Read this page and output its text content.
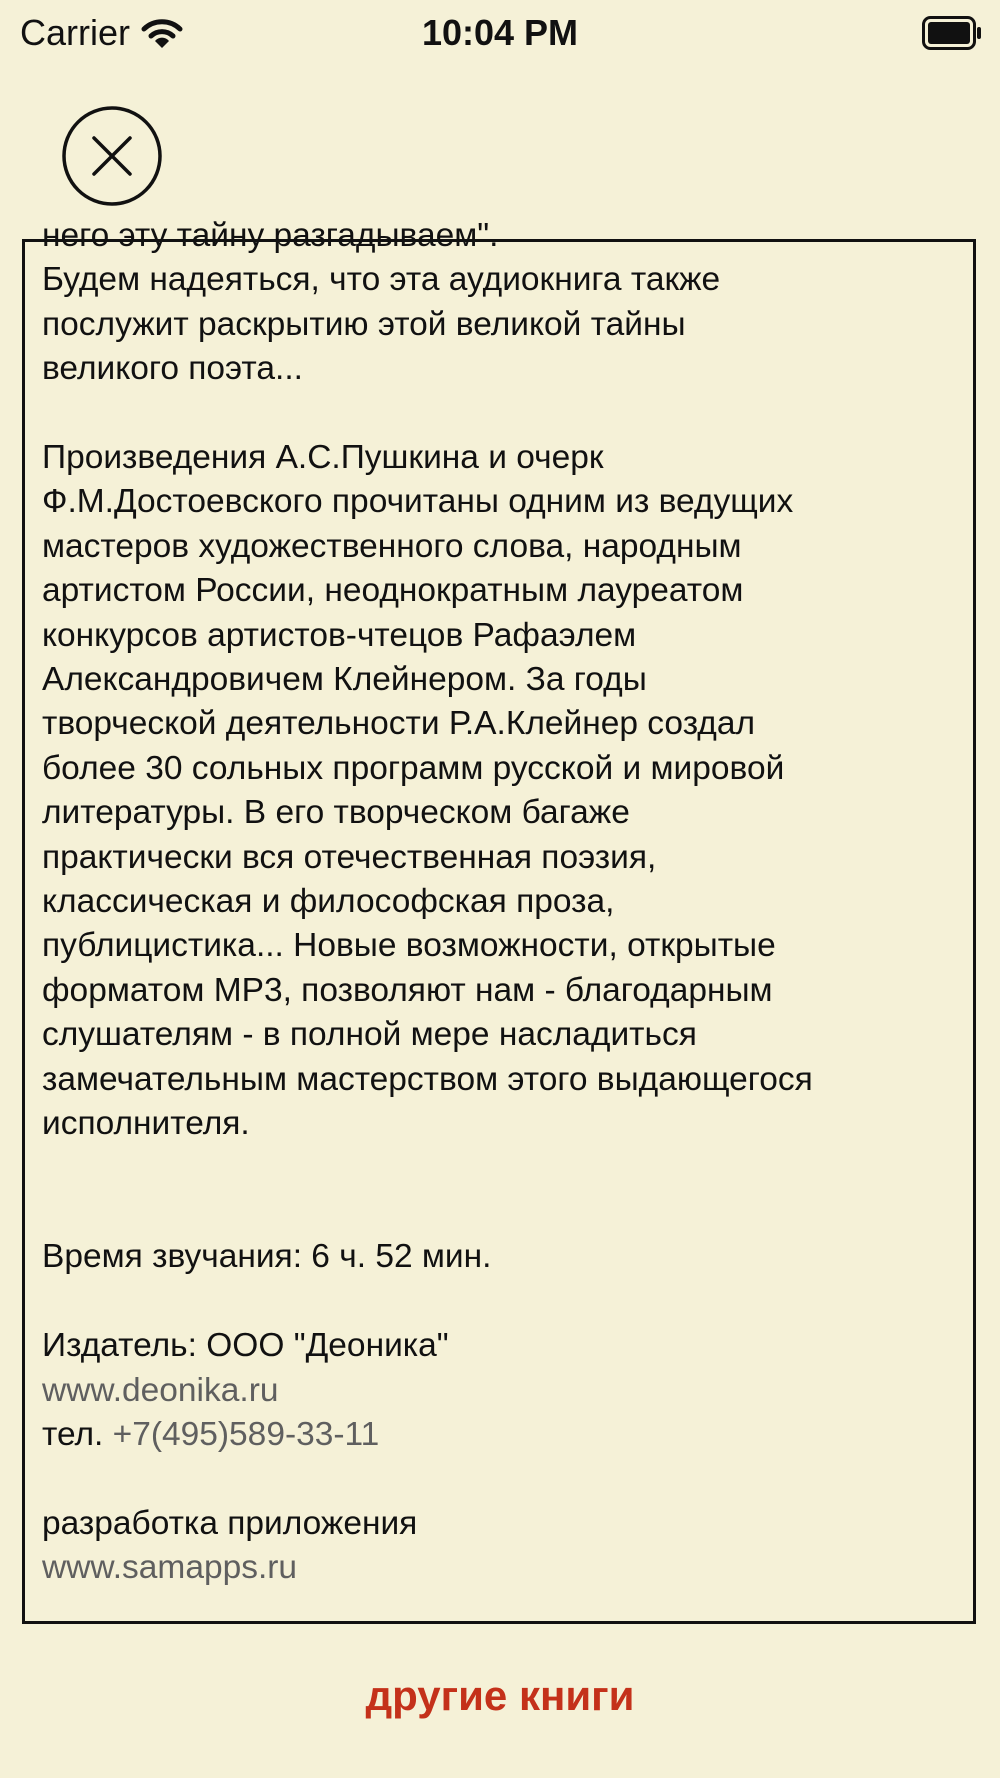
Carrier	10:04 PM
него эту тайну разгадываем".
Будем надеяться, что эта аудиокнига также
послужит раскрытию этой великой тайны
великого поэта...
Произведения А.С.Пушкина и очерк
Ф.М.Достоевского прочитаны одним из ведущих
мастеров художественного слова, народным
артистом России, неоднократным лауреатом
конкурсов артистов-чтецов Рафаэлем
Александровичем Клейнером. За годы
творческой деятельности Р.А.Клейнер создал
более 30 сольных программ русской и мировой
литературы. В его творческом багаже
практически вся отечественная поэзия,
классическая и философская проза,
публицистика... Новые возможности, открытые
форматом MP3, позволяют нам - благодарным
слушателям - в полной мере насладиться
замечательным мастерством этого выдающегося
исполнителя.
Время звучания: 6 ч. 52 мин.
Издатель: ООО "Деоника"
www.deonika.ru
тел. +7(495)589-33-11
разработка приложения
www.samapps.ru
другие книги
